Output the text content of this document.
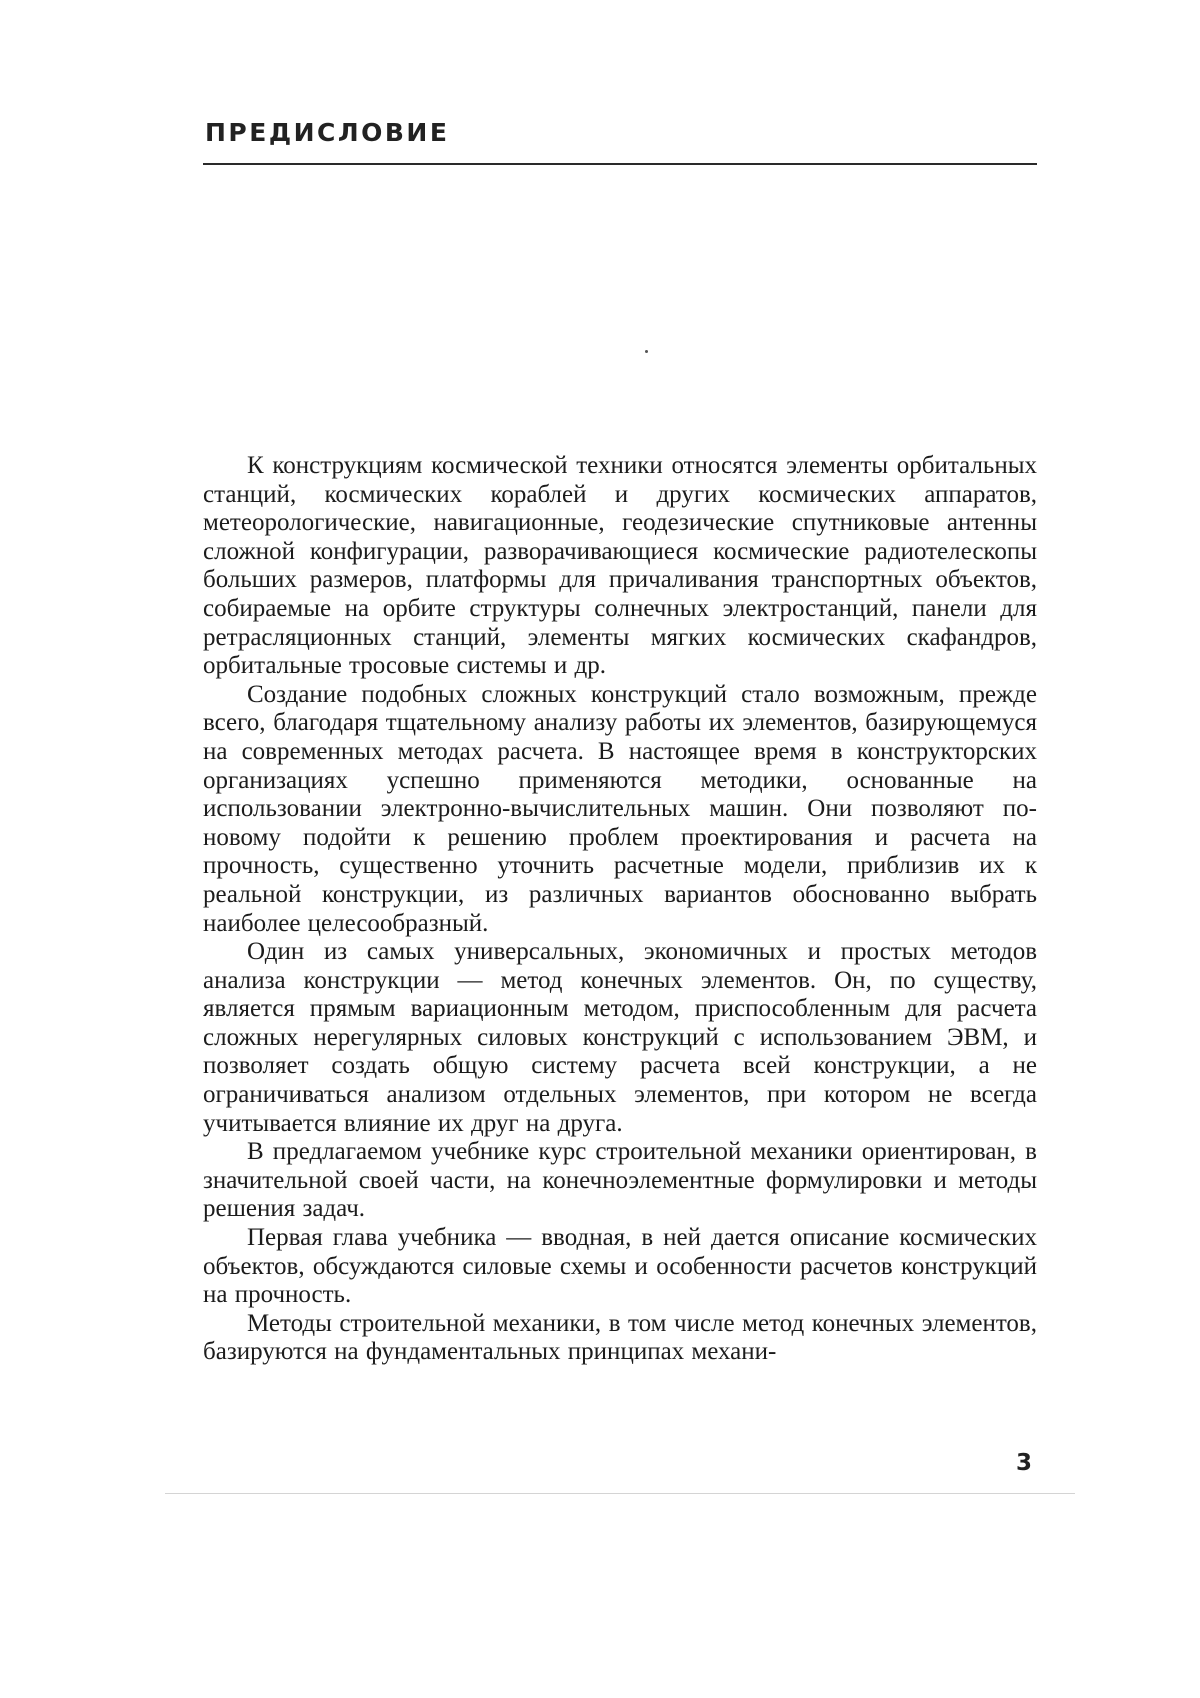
ПРЕДИСЛОВИЕ

К конструкциям космической техники относятся элементы орбитальных станций, космических кораблей и других космических аппаратов, метеорологические, навигационные, геодезические спутниковые антенны сложной конфигурации, разворачивающиеся космические радиотелескопы больших размеров, платформы для причаливания транспортных объектов, собираемые на орбите структуры солнечных электростанций, панели для ретрасляционных станций, элементы мягких космических скафандров, орбитальные тросовые системы и др.

Создание подобных сложных конструкций стало возможным, прежде всего, благодаря тщательному анализу работы их элементов, базирующемуся на современных методах расчета. В настоящее время в конструкторских организациях успешно применяются методики, основанные на использовании электронно-вычислительных машин. Они позволяют по-новому подойти к решению проблем проектирования и расчета на прочность, существенно уточнить расчетные модели, приблизив их к реальной конструкции, из различных вариантов обоснованно выбрать наиболее целесообразный.

Один из самых универсальных, экономичных и простых методов анализа конструкции — метод конечных элементов. Он, по существу, является прямым вариационным методом, приспособленным для расчета сложных нерегулярных силовых конструкций с использованием ЭВМ, и позволяет создать общую систему расчета всей конструкции, а не ограничиваться анализом отдельных элементов, при котором не всегда учитывается влияние их друг на друга.

В предлагаемом учебнике курс строительной механики ориентирован, в значительной своей части, на конечноэлементные формулировки и методы решения задач.

Первая глава учебника — вводная, в ней дается описание космических объектов, обсуждаются силовые схемы и особенности расчетов конструкций на прочность.

Методы строительной механики, в том числе метод конечных элементов, базируются на фундаментальных принципах механи-

3
